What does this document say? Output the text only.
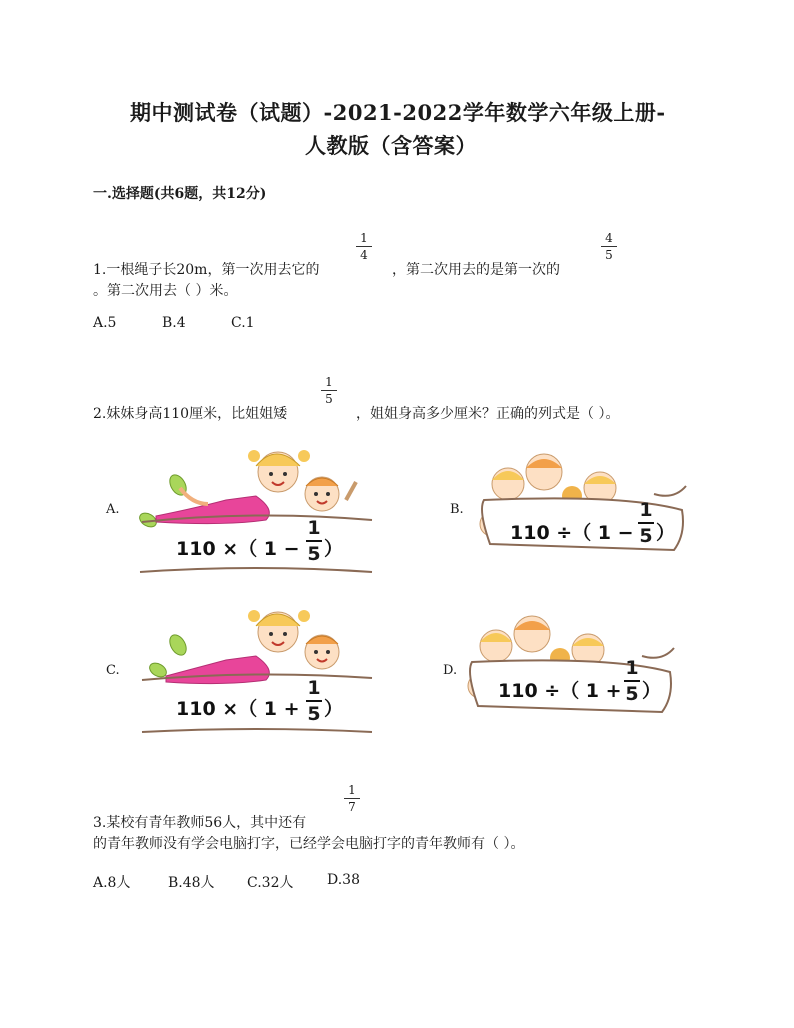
期中测试卷（试题）-2021-2022学年数学六年级上册-
人教版（含答案）
一.选择题(共6题，共12分)
1.一根绳子长20m，第一次用去它的
1
4
，第二次用去的是第一次的
4
5
。第二次用去（ ）米。
A.5	B.4	C.1
2.妹妹身高110厘米，比姐姐矮
1
5
，姐姐身高多少厘米？正确的列式是（ ）。
A.
110 ×（ 1 −
1
5 ）
B.
110 ÷（ 1 −
1
5 ）
C.
110 ×（ 1 +
1
5 ）
D.
110 ÷（ 1 +
1
5 ）
3.某校有青年教师56人，其中还有
1
7
的青年教师没有学会电脑打字，已经学会电脑打字的青年教师有（ ）。
A.8人	B.48人 C.32人 D.38
